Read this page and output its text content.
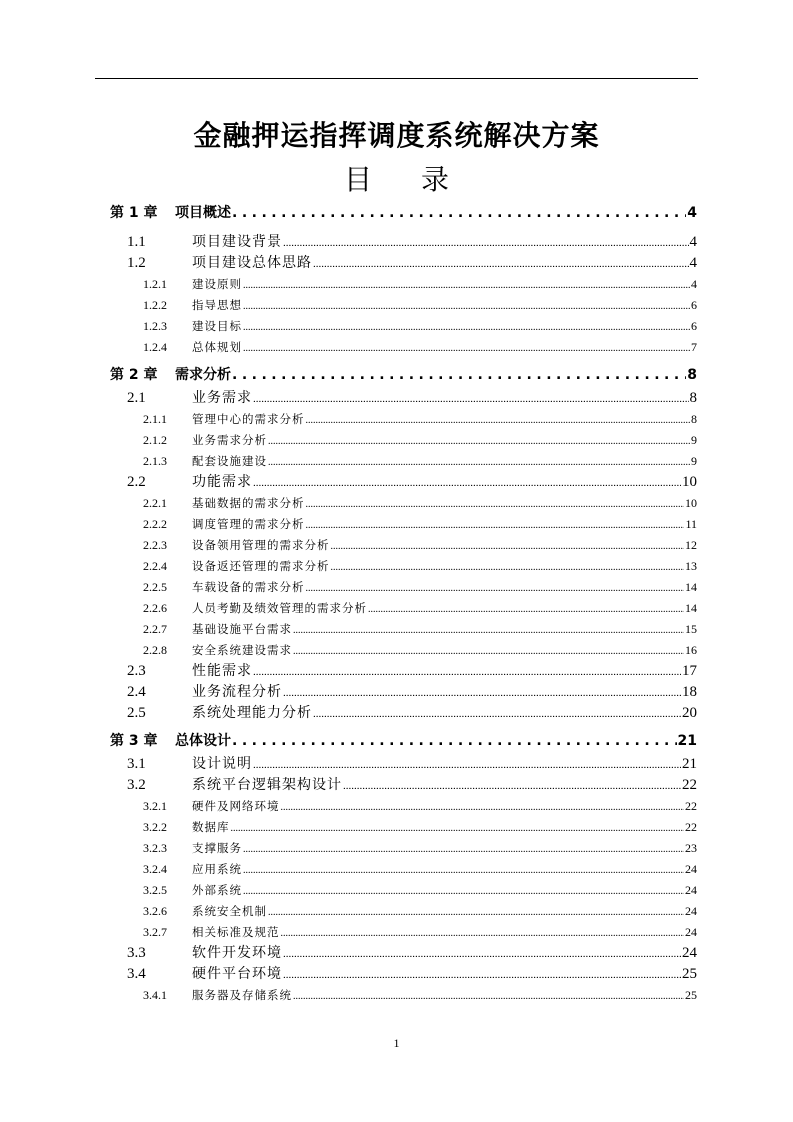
金融押运指挥调度系统解决方案
目 录
第 1 章	项目概述 .....	4
1.1	项目建设背景 .....	4
1.2	项目建设总体思路 .....	4
1.2.1	建设原则 .....	4
1.2.2	指导思想 .....	6
1.2.3	建设目标 .....	6
1.2.4	总体规划 .....	7
第 2 章	需求分析 .....	8
2.1	业务需求 .....	8
2.1.1	管理中心的需求分析 .....	8
2.1.2	业务需求分析 .....	9
2.1.3	配套设施建设 .....	9
2.2	功能需求 .....	10
2.2.1	基础数据的需求分析 .....	10
2.2.2	调度管理的需求分析 .....	11
2.2.3	设备领用管理的需求分析 .....	12
2.2.4	设备返还管理的需求分析 .....	13
2.2.5	车载设备的需求分析 .....	14
2.2.6	人员考勤及绩效管理的需求分析 .....	14
2.2.7	基础设施平台需求 .....	15
2.2.8	安全系统建设需求 .....	16
2.3	性能需求 .....	17
2.4	业务流程分析 .....	18
2.5	系统处理能力分析 .....	20
第 3 章	总体设计 .....	21
3.1	设计说明 .....	21
3.2	系统平台逻辑架构设计 .....	22
3.2.1	硬件及网络环境 .....	22
3.2.2	数据库 .....	22
3.2.3	支撑服务 .....	23
3.2.4	应用系统 .....	24
3.2.5	外部系统 .....	24
3.2.6	系统安全机制 .....	24
3.2.7	相关标准及规范 .....	24
3.3	软件开发环境 .....	24
3.4	硬件平台环境 .....	25
3.4.1	服务器及存储系统 .....	25
1
